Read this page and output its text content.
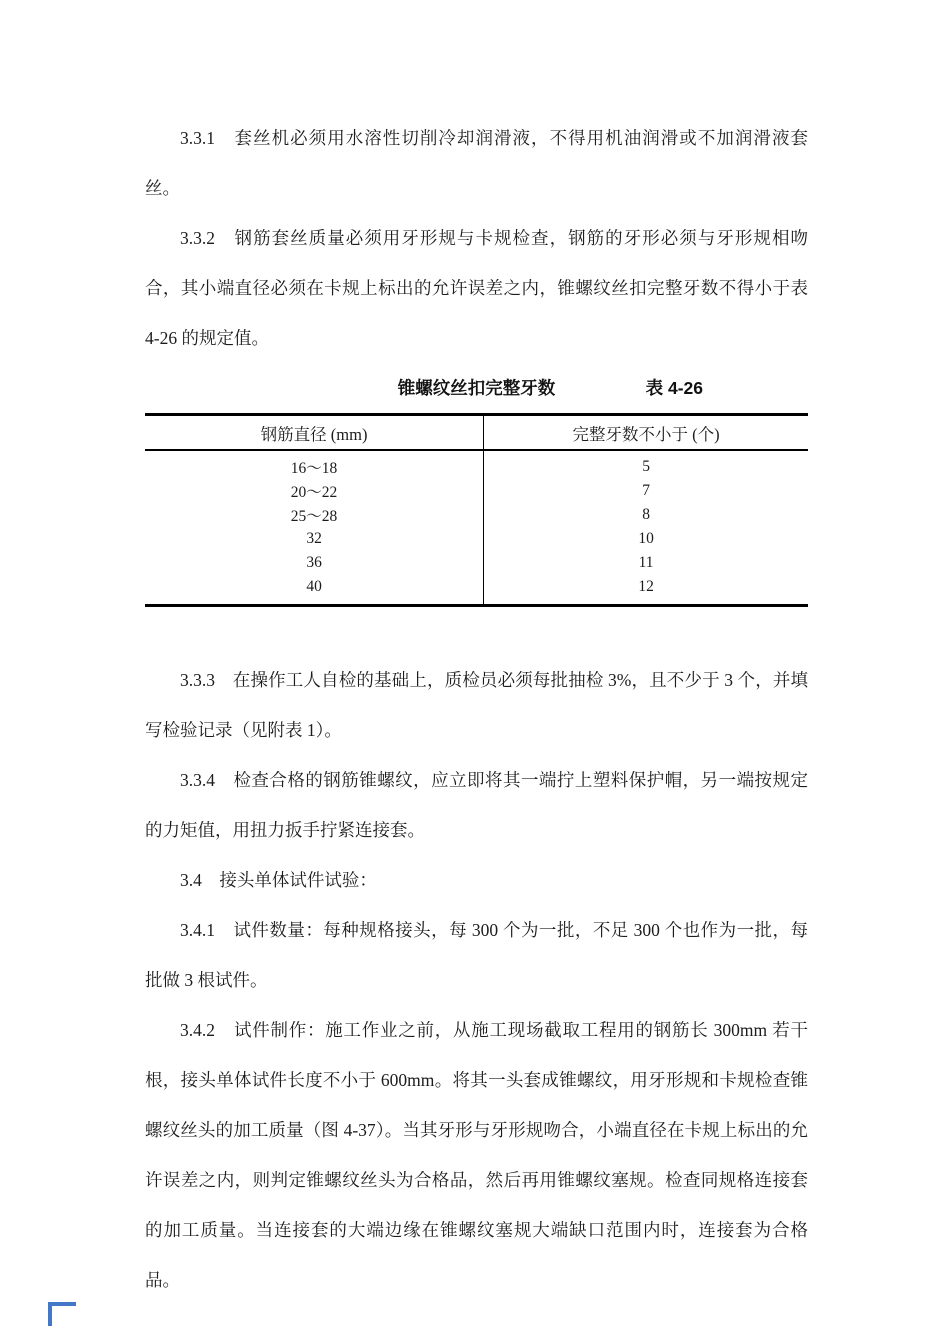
3.3.1　套丝机必须用水溶性切削冷却润滑液，不得用机油润滑或不加润滑液套丝。

3.3.2　钢筋套丝质量必须用牙形规与卡规检查，钢筋的牙形必须与牙形规相吻合，其小端直径必须在卡规上标出的允许误差之内，锥螺纹丝扣完整牙数不得小于表 4-26 的规定值。

锥螺纹丝扣完整牙数	表 4-26
钢筋直径 (mm)	完整牙数不小于 (个)
16～18	5
20～22	7
25～28	8
32	10
36	11
40	12

3.3.3　在操作工人自检的基础上，质检员必须每批抽检 3%，且不少于 3 个，并填写检验记录（见附表 1）。

3.3.4　检查合格的钢筋锥螺纹，应立即将其一端拧上塑料保护帽，另一端按规定的力矩值，用扭力扳手拧紧连接套。

3.4　接头单体试件试验：

3.4.1　试件数量：每种规格接头，每 300 个为一批，不足 300 个也作为一批，每批做 3 根试件。

3.4.2　试件制作：施工作业之前，从施工现场截取工程用的钢筋长 300mm 若干根，接头单体试件长度不小于 600mm。将其一头套成锥螺纹，用牙形规和卡规检查锥螺纹丝头的加工质量（图 4-37）。当其牙形与牙形规吻合，小端直径在卡规上标出的允许误差之内，则判定锥螺纹丝头为合格品，然后再用锥螺纹塞规。检查同规格连接套的加工质量。当连接套的大端边缘在锥螺纹塞规大端缺口范围内时，连接套为合格品。
